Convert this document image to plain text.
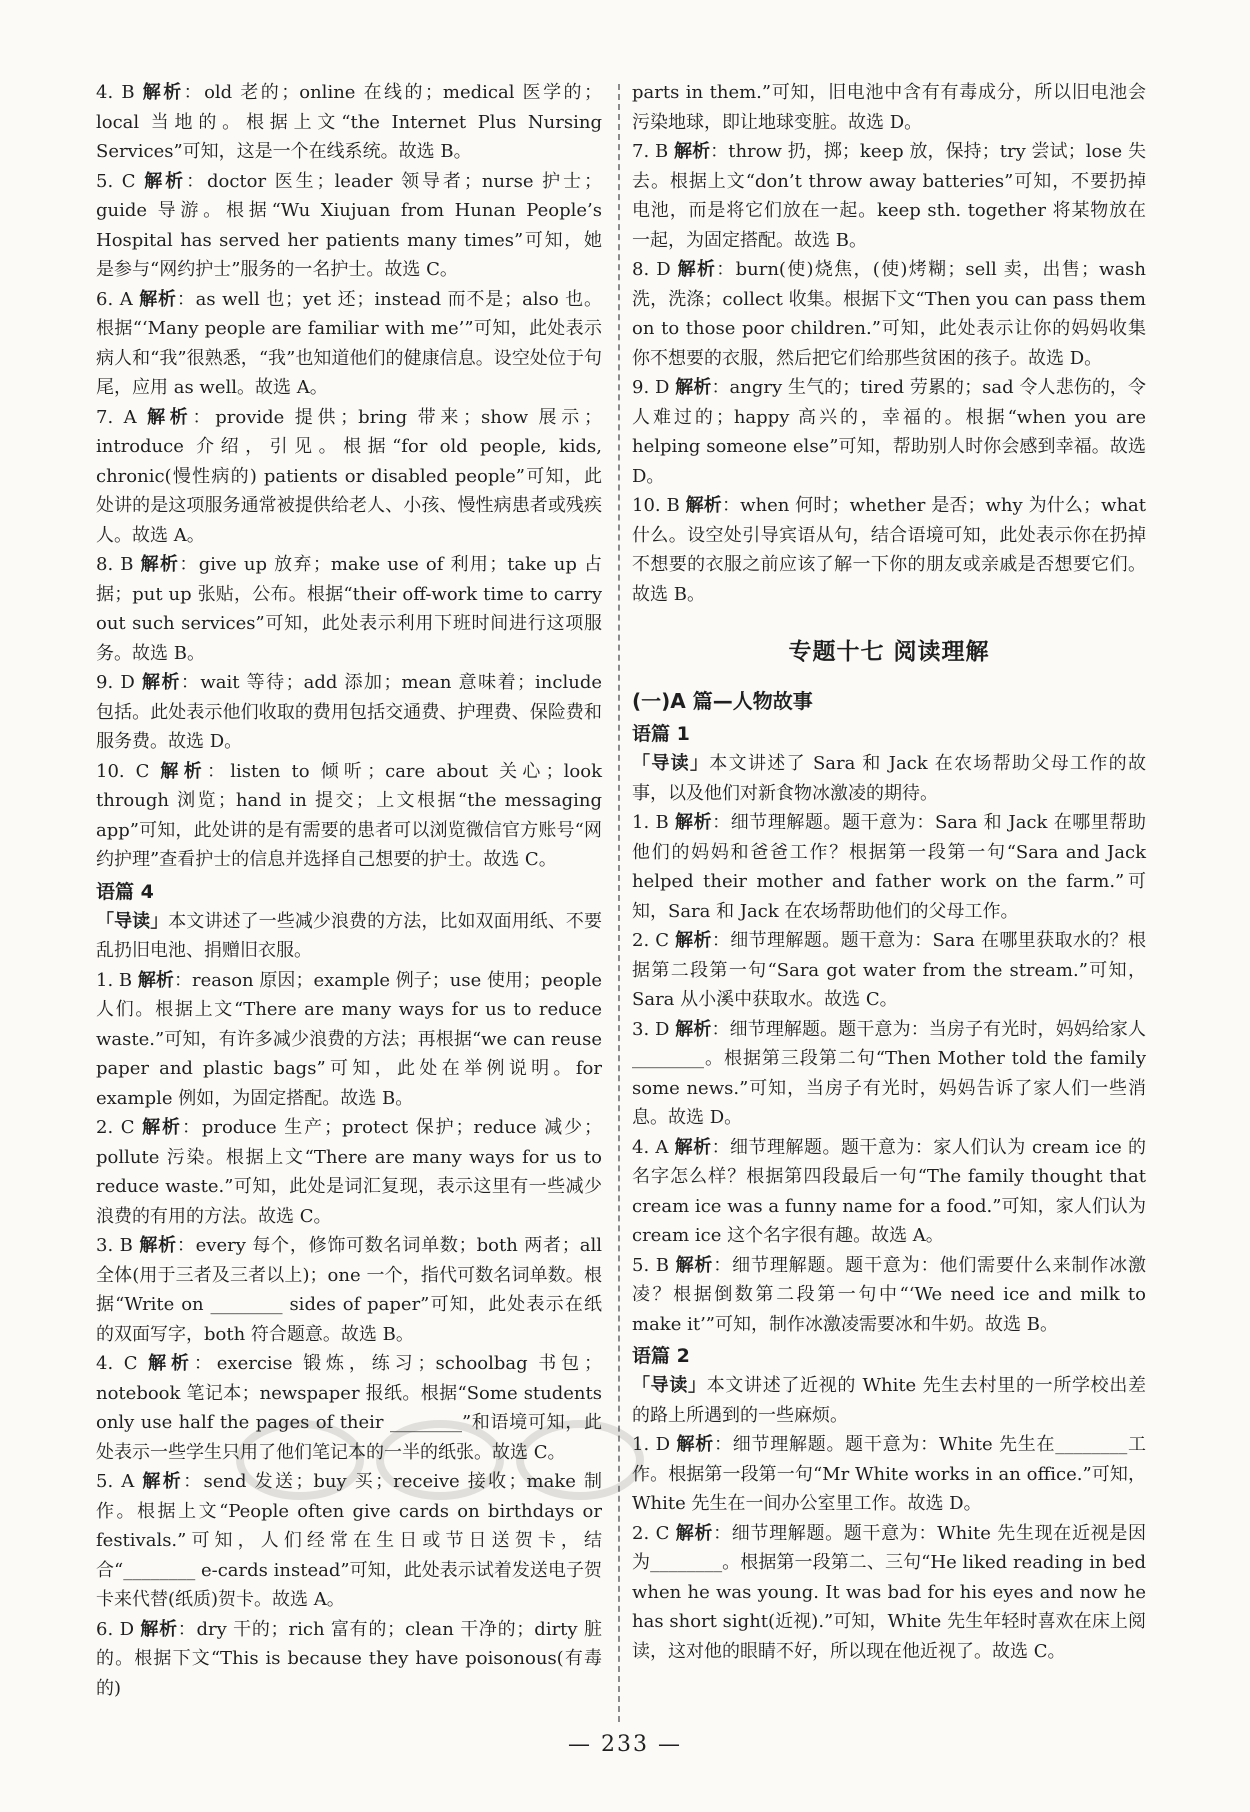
4. B 解析：old 老的；online 在线的；medical 医学的；local 当地的。根据上文“the Internet Plus Nursing Services”可知，这是一个在线系统。故选 B。

5. C 解析：doctor 医生；leader 领导者；nurse 护士；guide 导游。根据“Wu Xiujuan from Hunan People’s Hospital has served her patients many times”可知，她是参与“网约护士”服务的一名护士。故选 C。

6. A 解析：as well 也；yet 还；instead 而不是；also 也。根据“‘Many people are familiar with me’”可知，此处表示病人和“我”很熟悉，“我”也知道他们的健康信息。设空处位于句尾，应用 as well。故选 A。

7. A 解析：provide 提供；bring 带来；show 展示；introduce 介绍，引见。根据“for old people, kids, chronic(慢性病的) patients or disabled people”可知，此处讲的是这项服务通常被提供给老人、小孩、慢性病患者或残疾人。故选 A。

8. B 解析：give up 放弃；make use of 利用；take up 占据；put up 张贴，公布。根据“their off-work time to carry out such services”可知，此处表示利用下班时间进行这项服务。故选 B。

9. D 解析：wait 等待；add 添加；mean 意味着；include 包括。此处表示他们收取的费用包括交通费、护理费、保险费和服务费。故选 D。

10. C 解析：listen to 倾听；care about 关心；look through 浏览；hand in 提交；上文根据“the messaging app”可知，此处讲的是有需要的患者可以浏览微信官方账号“网约护理”查看护士的信息并选择自己想要的护士。故选 C。

语篇 4

「导读」本文讲述了一些减少浪费的方法，比如双面用纸、不要乱扔旧电池、捐赠旧衣服。

1. B 解析：reason 原因；example 例子；use 使用；people 人们。根据上文“There are many ways for us to reduce waste.”可知，有许多减少浪费的方法；再根据“we can reuse paper and plastic bags”可知，此处在举例说明。for example 例如，为固定搭配。故选 B。

2. C 解析：produce 生产；protect 保护；reduce 减少；pollute 污染。根据上文“There are many ways for us to reduce waste.”可知，此处是词汇复现，表示这里有一些减少浪费的有用的方法。故选 C。

3. B 解析：every 每个，修饰可数名词单数；both 两者；all 全体(用于三者及三者以上)；one 一个，指代可数名词单数。根据“Write on ________ sides of paper”可知，此处表示在纸的双面写字，both 符合题意。故选 B。

4. C 解析：exercise 锻炼，练习；schoolbag 书包；notebook 笔记本；newspaper 报纸。根据“Some students only use half the pages of their ________”和语境可知，此处表示一些学生只用了他们笔记本的一半的纸张。故选 C。

5. A 解析：send 发送；buy 买；receive 接收；make 制作。根据上文“People often give cards on birthdays or festivals.”可知，人们经常在生日或节日送贺卡，结合“________ e-cards instead”可知，此处表示试着发送电子贺卡来代替(纸质)贺卡。故选 A。

6. D 解析：dry 干的；rich 富有的；clean 干净的；dirty 脏的。根据下文“This is because they have poisonous(有毒的)

parts in them.”可知，旧电池中含有有毒成分，所以旧电池会污染地球，即让地球变脏。故选 D。

7. B 解析：throw 扔，掷；keep 放，保持；try 尝试；lose 失去。根据上文“don’t throw away batteries”可知，不要扔掉电池，而是将它们放在一起。keep sth. together 将某物放在一起，为固定搭配。故选 B。

8. D 解析：burn(使)烧焦，(使)烤糊；sell 卖，出售；wash 洗，洗涤；collect 收集。根据下文“Then you can pass them on to those poor children.”可知，此处表示让你的妈妈收集你不想要的衣服，然后把它们给那些贫困的孩子。故选 D。

9. D 解析：angry 生气的；tired 劳累的；sad 令人悲伤的，令人难过的；happy 高兴的，幸福的。根据“when you are helping someone else”可知，帮助别人时你会感到幸福。故选 D。

10. B 解析：when 何时；whether 是否；why 为什么；what 什么。设空处引导宾语从句，结合语境可知，此处表示你在扔掉不想要的衣服之前应该了解一下你的朋友或亲戚是否想要它们。故选 B。

专题十七 阅读理解
(一)A 篇—人物故事

语篇 1

「导读」本文讲述了 Sara 和 Jack 在农场帮助父母工作的故事，以及他们对新食物冰激凌的期待。

1. B 解析：细节理解题。题干意为：Sara 和 Jack 在哪里帮助他们的妈妈和爸爸工作？根据第一段第一句“Sara and Jack helped their mother and father work on the farm.”可知，Sara 和 Jack 在农场帮助他们的父母工作。

2. C 解析：细节理解题。题干意为：Sara 在哪里获取水的？根据第二段第一句“Sara got water from the stream.”可知，Sara 从小溪中获取水。故选 C。

3. D 解析：细节理解题。题干意为：当房子有光时，妈妈给家人________。根据第三段第二句“Then Mother told the family some news.”可知，当房子有光时，妈妈告诉了家人们一些消息。故选 D。

4. A 解析：细节理解题。题干意为：家人们认为 cream ice 的名字怎么样？根据第四段最后一句“The family thought that cream ice was a funny name for a food.”可知，家人们认为 cream ice 这个名字很有趣。故选 A。

5. B 解析：细节理解题。题干意为：他们需要什么来制作冰激凌？根据倒数第二段第一句中“‘We need ice and milk to make it’”可知，制作冰激凌需要冰和牛奶。故选 B。

语篇 2

「导读」本文讲述了近视的 White 先生去村里的一所学校出差的路上所遇到的一些麻烦。

1. D 解析：细节理解题。题干意为：White 先生在________工作。根据第一段第一句“Mr White works in an office.”可知，White 先生在一间办公室里工作。故选 D。

2. C 解析：细节理解题。题干意为：White 先生现在近视是因为________。根据第一段第二、三句“He liked reading in bed when he was young. It was bad for his eyes and now he has short sight(近视).”可知，White 先生年轻时喜欢在床上阅读，这对他的眼睛不好，所以现在他近视了。故选 C。

— 233 —
